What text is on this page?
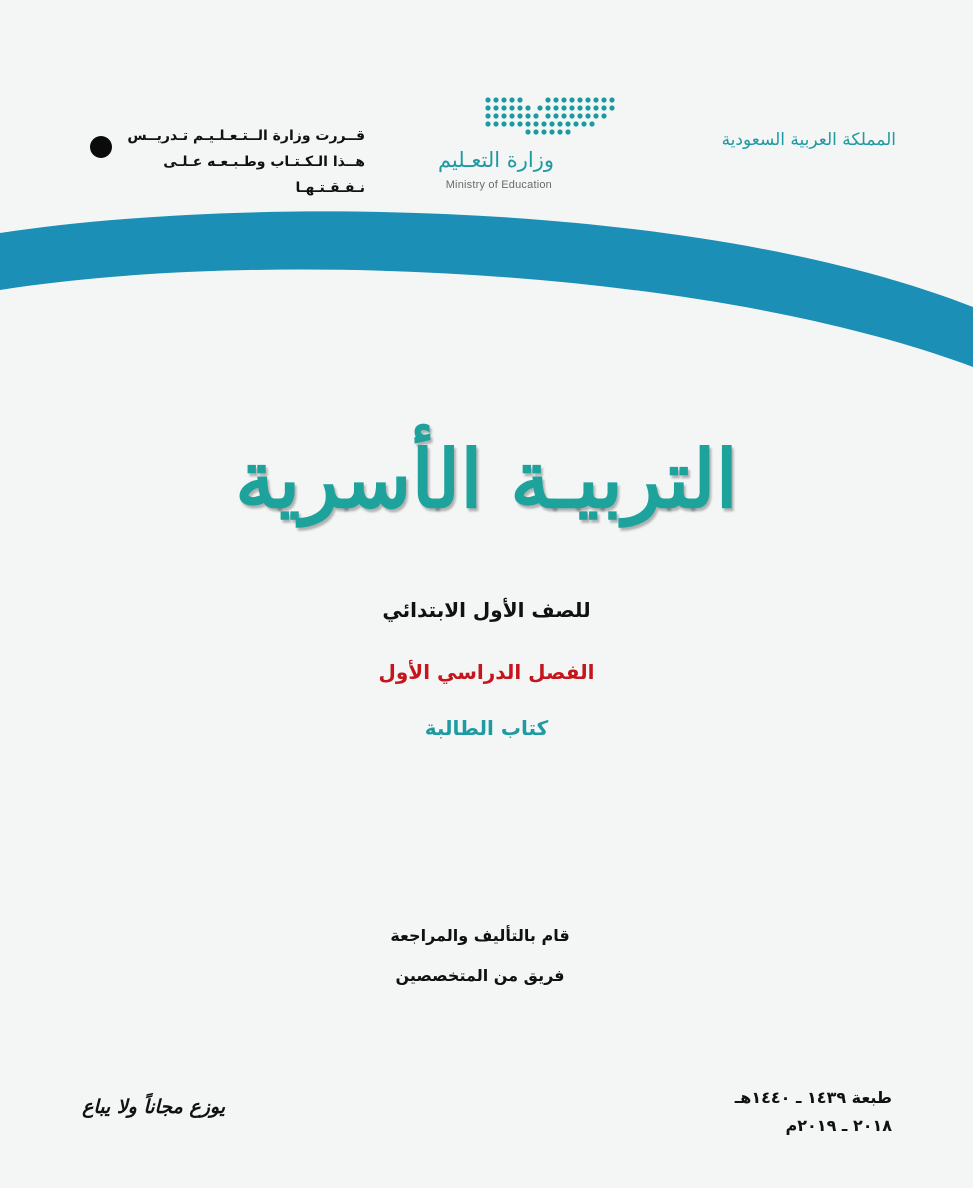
المملكة العربية السعودية
وزارة التعـليم
Ministry of Education
قــررت وزارة الــتـعـلـيـم تـدريــس
هــذا الـكـتـاب وطـبـعـه عـلـى نـفـقـتـهـا
التربيـة الأسرية
للصف الأول الابتدائي
الفصل الدراسي الأول
كتاب الطالبة
قام بالتأليف والمراجعة
فريق من المتخصصين
طبعة ١٤٣٩ ـ ١٤٤٠هـ
٢٠١٨ ـ ٢٠١٩م
يوزع مجاناً ولا يباع
